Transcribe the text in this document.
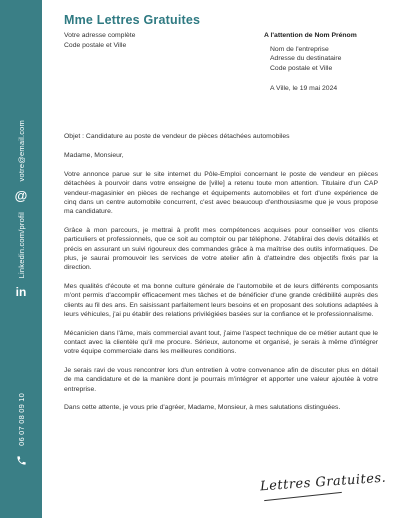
votre@email.com
@
Linkedin.com/profil
in
06 07 08 09 10
Mme Lettres Gratuites
Votre adresse complète
Code postale et Ville
A l'attention de Nom Prénom
Nom de l'entreprise
Adresse du destinataire
Code postale et Ville
A Ville, le 19 mai 2024

Objet : Candidature au poste de vendeur de pièces détachées automobiles

Madame, Monsieur,

Votre annonce parue sur le site internet du Pôle-Emploi concernant le poste de vendeur en pièces détachées à pourvoir dans votre enseigne de [ville] a retenu toute mon attention. Titulaire d'un CAP vendeur-magasinier en pièces de rechange et équipements automobiles et fort d'une expérience de cinq dans un centre automobile concurrent, c'est avec beaucoup d'enthousiasme que je vous propose ma candidature.

Grâce à mon parcours, je mettrai à profit mes compétences acquises pour conseiller vos clients particuliers et professionnels, que ce soit au comptoir ou par téléphone. J'établirai des devis détaillés et précis en assurant un suivi rigoureux des commandes grâce à ma maîtrise des outils informatiques. De plus, je saurai promouvoir les services de votre atelier afin à d'atteindre des objectifs fixés par la direction.

Mes qualités d'écoute et ma bonne culture générale de l'automobile et de leurs différents composants m'ont permis d'accomplir efficacement mes tâches et de bénéficier d'une grande crédibilité auprès des clients au fil des ans. En saisissant parfaitement leurs besoins et en proposant des solutions adaptées à leurs véhicules, j'ai pu établir des relations privilégiées basées sur la confiance et le professionnalisme.

Mécanicien dans l'âme, mais commercial avant tout, j'aime l'aspect technique de ce métier autant que le contact avec la clientèle qu'il me procure. Sérieux, autonome et organisé, je serais à même d'intégrer votre équipe commerciale dans les meilleures conditions.

Je serais ravi de vous rencontrer lors d'un entretien à votre convenance afin de discuter plus en détail de ma candidature et de la manière dont je pourrais m'intégrer et apporter une valeur ajoutée à votre entreprise.

Dans cette attente, je vous prie d'agréer, Madame, Monsieur, à mes salutations distinguées.

Lettres Gratuites.
